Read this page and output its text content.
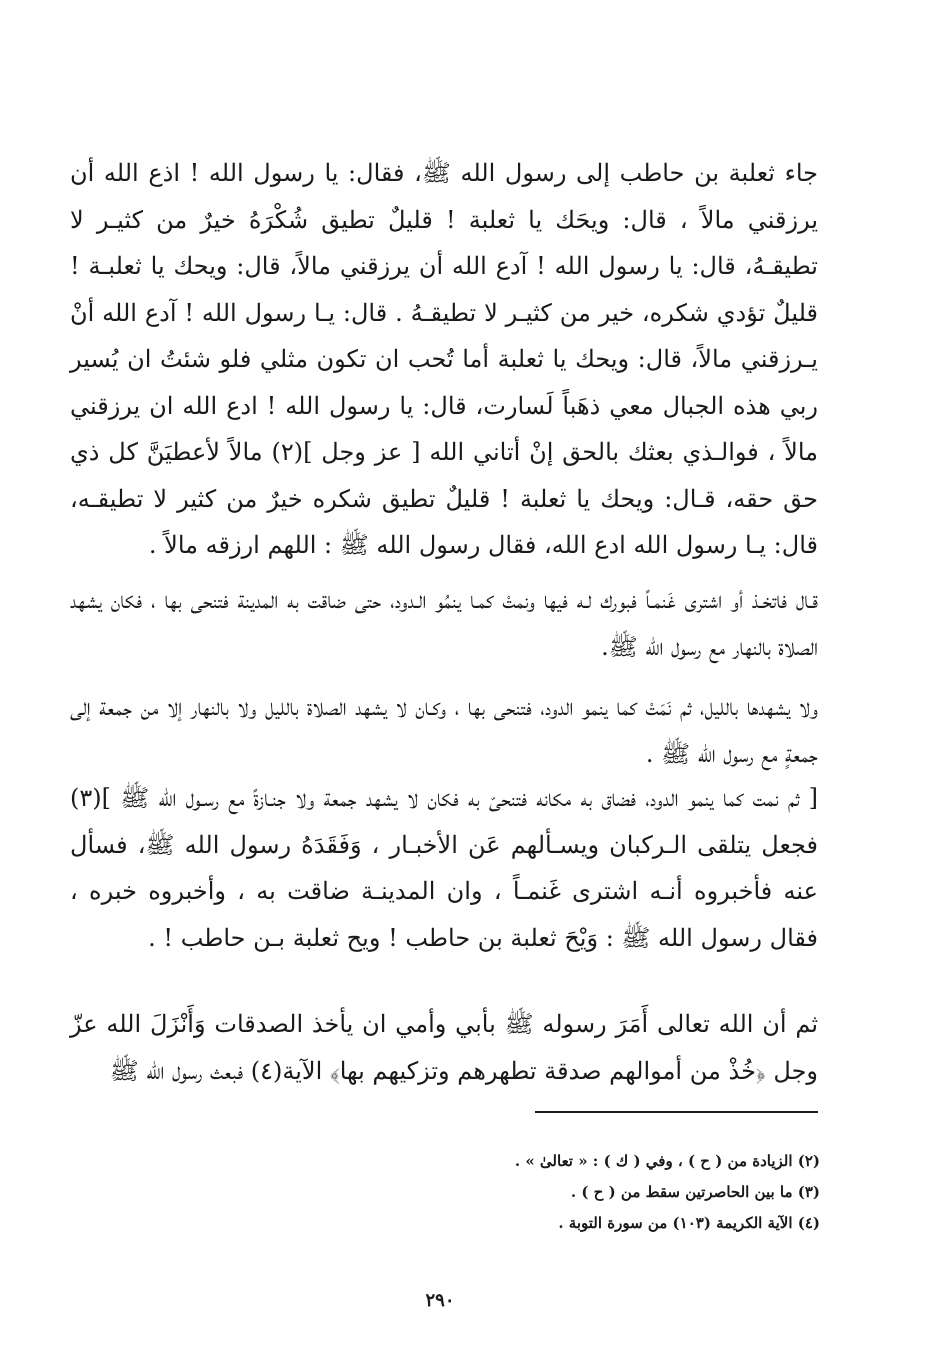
جاء ثعلبة بن حاطب إلى رسول الله ﷺ، فقال: يا رسول الله ! اذع الله أن يرزقني مالاً ، قال: ويحَك يا ثعلبة ! قليلٌ تطيق شُكْرَهُ خيرٌ من كثيـر لا تطيقـهُ، قال: يا رسول الله ! آدع الله أن يرزقني مالاً، قال: ويحك يا ثعلبـة ! قليلٌ تؤدي شكره، خير من كثيـر لا تطيقـهُ . قال: يـا رسول الله ! آدع الله أنْ يـرزقني مالاً، قال: ويحك يا ثعلبة أما تُحب ان تكون مثلي فلو شئتُ ان يُسير ربي هذه الجبال معي ذهَباً لَسارت، قال: يا رسول الله ! ادع الله ان يرزقني مالاً ، فوالـذي بعثك بالحق إنْ أتاني الله [ عز وجل ](٢) مالاً لأعطيَنَّ كل ذي حق حقه، قـال: ويحك يا ثعلبة ! قليلٌ تطيق شكره خيرٌ من كثير لا تطيقـه، قال: يـا رسول الله ادع الله، فقال رسول الله ﷺ : اللهم ارزقه مالاً .

قـال فاتخـذ أو اشترى غَنمـاً فبورك لـه فيها ونمتْ كمـا ينمُو الـدود، حتى ضاقت به المدينة فتنحى بها ، فكان يشهد الصلاة بالنهار مع رسول الله ﷺ.

ولا يشهدها بالليل، ثم نَمَتْ كما ينمو الدود، فتنحى بها ، وكـان لا يشهد الصلاة بالليل ولا بالنهار إلا من جمعة إلى جمعةٍ مع رسول الله ﷺ .

[ ثم نمت كما ينمو الدود، فضاق به مكانه فتنحىّ به فكان لا يشهد جمعة ولا جنـازةً مع رسـول الله ﷺ ](٣) فجعل يتلقى الـركبان ويسـألهم عَن الأخبـار ، وَفَقَدَهُ رسول الله ﷺ، فسأل عنه فأخبروه أنـه اشترى غَنمـاً ، وان المدينـة ضاقت به ، وأخبروه خبره ، فقال رسول الله ﷺ : وَيْحَ ثعلبة بن حاطب ! ويح ثعلبة بـن حاطب ! .

ثم أن الله تعالى أَمَرَ رسوله ﷺ بأبي وأمي ان يأخذ الصدقات وَأَنْزَلَ الله عزّ وجل ﴿خُذْ من أموالهم صدقة تطهرهم وتزكيهم بها﴾ الآية(٤) فبعث رسول الله ﷺ

(٢) الزيادة من ( ح ) ، وفي ( ك ) : « تعالىٰ » .
(٣) ما بين الحاصرتين سقط من ( ح ) .
(٤) الآية الكريمة (١٠٣) من سورة التوبة .
٢٩٠
